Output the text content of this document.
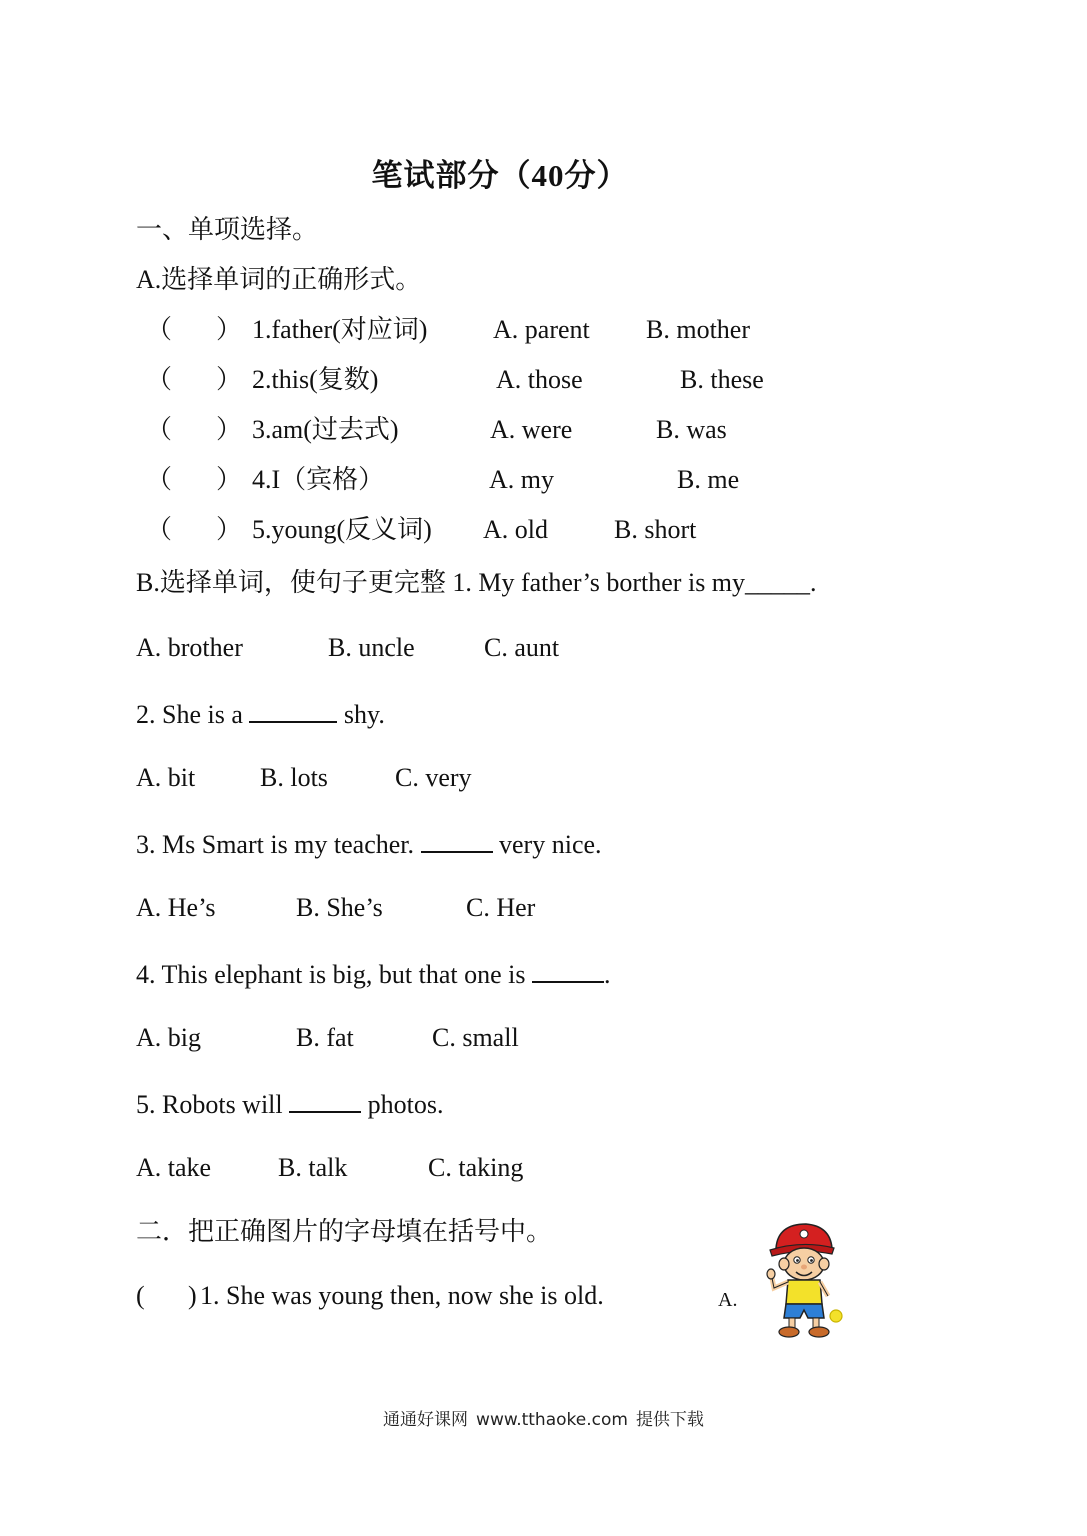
笔试部分（40分）
一、单项选择。
A.选择单词的正确形式。
（ ） 1.father(对应词)	A. parent B. mother
（ ） 2.this(复数)	A. those	B. these
（ ） 3.am(过去式)	A. were	B. was
（ ） 4.I（宾格）	A. my	B. me
（ ） 5.young(反义词) A. old	B. short
B.选择单词，使句子更完整 1. My father’s borther is my_____.
A. brother	B. uncle	C. aunt
2. She is a	shy.
A. bit B. lots	C. very
3. Ms Smart is my teacher.	very nice.
A. He’s	B. She’s	C. Her
4. This elephant is big, but that one is	.
A. big	B. fat	C. small
5. Robots will	photos.
A. take	B. talk	C. taking
二．把正确图片的字母填在括号中。
( ) 1. She was young then, now she is old.	A.
通通好课网 www.tthaoke.com 提供下载
